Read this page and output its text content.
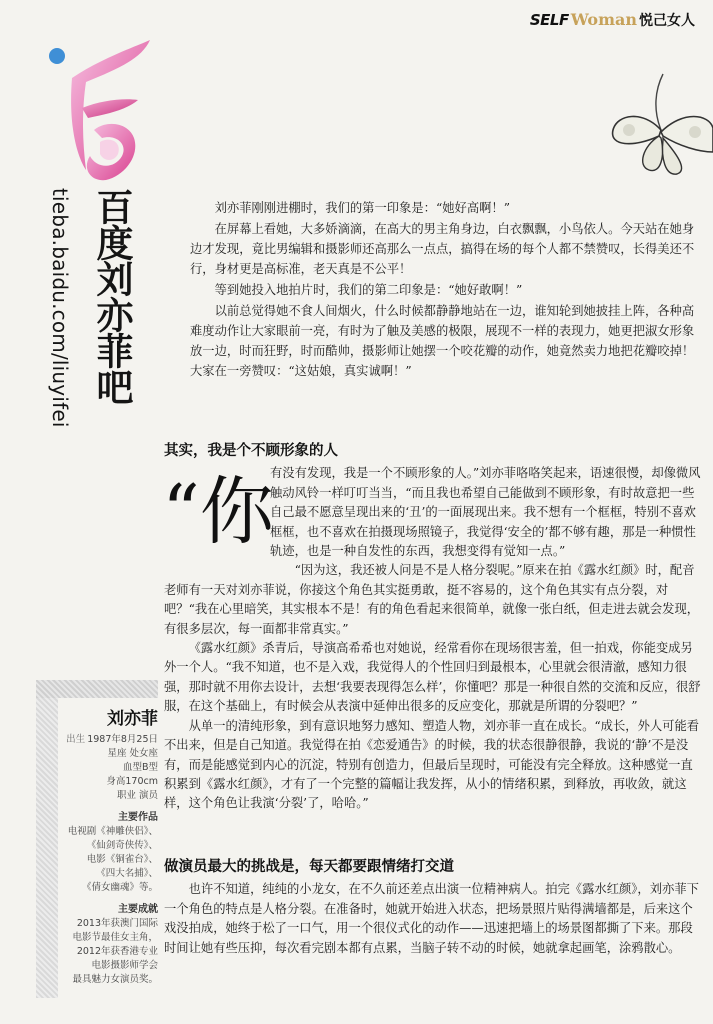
SELF Woman 悦己女人
百度刘亦菲吧
tieba.baidu.com/liuyifei	刘亦菲刚刚进棚时，我们的第一印象是：“她好高啊！”

在屏幕上看她，大多娇滴滴，在高大的男主角身边，白衣飘飘，小鸟依人。今天站在她身边才发现，竟比男编辑和摄影师还高那么一点点，搞得在场的每个人都不禁赞叹，长得美还不行，身材更是高标准，老天真是不公平！

等到她投入地拍片时，我们的第二印象是：“她好敢啊！”

以前总觉得她不食人间烟火，什么时候都静静地站在一边，谁知轮到她披挂上阵，各种高难度动作让大家眼前一亮，有时为了触及美感的极限，展现不一样的表现力，她更把淑女形象放一边，时而狂野，时而酷帅，摄影师让她摆一个咬花瓣的动作，她竟然卖力地把花瓣咬掉！大家在一旁赞叹：“这姑娘，真实诚啊！”

其实，我是个不顾形象的人
“你

有没有发现，我是一个不顾形象的人。”刘亦菲咯咯笑起来，语速很慢，却像微风触动风铃一样叮叮当当，“而且我也希望自己能做到不顾形象，有时故意把一些自己最不愿意呈现出来的‘丑’的一面展现出来。我不想有一个框框，特别不喜欢框框，也不喜欢在拍摄现场照镜子，我觉得‘安全的’都不够有趣，那是一种惯性轨迹，也是一种自发性的东西，我想变得有觉知一点。”

“因为这，我还被人问是不是人格分裂呢。”原来在拍《露水红颜》时，配音老师有一天对刘亦菲说，你接这个角色其实挺勇敢，挺不容易的，这个角色其实有点分裂，对吧？“我在心里暗笑，其实根本不是！有的角色看起来很简单，就像一张白纸，但走进去就会发现，有很多层次，每一面都非常真实。”

《露水红颜》杀青后，导演高希希也对她说，经常看你在现场很害羞，但一拍戏，你能变成另外一个人。“我不知道，也不是入戏，我觉得人的个性回归到最根本，心里就会很清澈，感知力很强，那时就不用你去设计，去想‘我要表现得怎么样’，你懂吧？那是一种很自然的交流和反应，很舒服，在这个基础上，有时候会从表演中延伸出很多的反应变化，那就是所谓的分裂吧？”

从单一的清纯形象，到有意识地努力感知、塑造人物，刘亦菲一直在成长。“成长，外人可能看不出来，但是自己知道。我觉得在拍《恋爱通告》的时候，我的状态很静很静，我说的‘静’不是没有，而是能感觉到内心的沉淀，特别有创造力，但最后呈现时，可能没有完全释放。这种感觉一直积累到《露水红颜》，才有了一个完整的篇幅让我发挥，从小的情绪积累，到释放，再收敛，就这样，这个角色让我演‘分裂’了，哈哈。”

做演员最大的挑战是，每天都要跟情绪打交道

也许不知道，纯纯的小龙女，在不久前还差点出演一位精神病人。拍完《露水红颜》，刘亦菲下一个角色的特点是人格分裂。在准备时，她就开始进入状态，把场景照片贴得满墙都是，后来这个戏没拍成，她终于松了一口气，用一个很仪式化的动作——迅速把墙上的场景图都撕了下来。那段时间让她有些压抑，每次看完剧本都有点累，当脑子转不动的时候，她就拿起画笔，涂鸦散心。

刘亦菲
出生 1987年8月25日
星座 处女座
血型B型
身高170cm
职业 演员
主要作品
电视剧《神雕侠侣》、
《仙剑奇侠传》、
电影《铜雀台》、
《四大名捕》、
《倩女幽魂》等。
主要成就
2013年获澳门国际
电影节最佳女主角，
2012年获香港专业
电影摄影师学会
最具魅力女演员奖。
